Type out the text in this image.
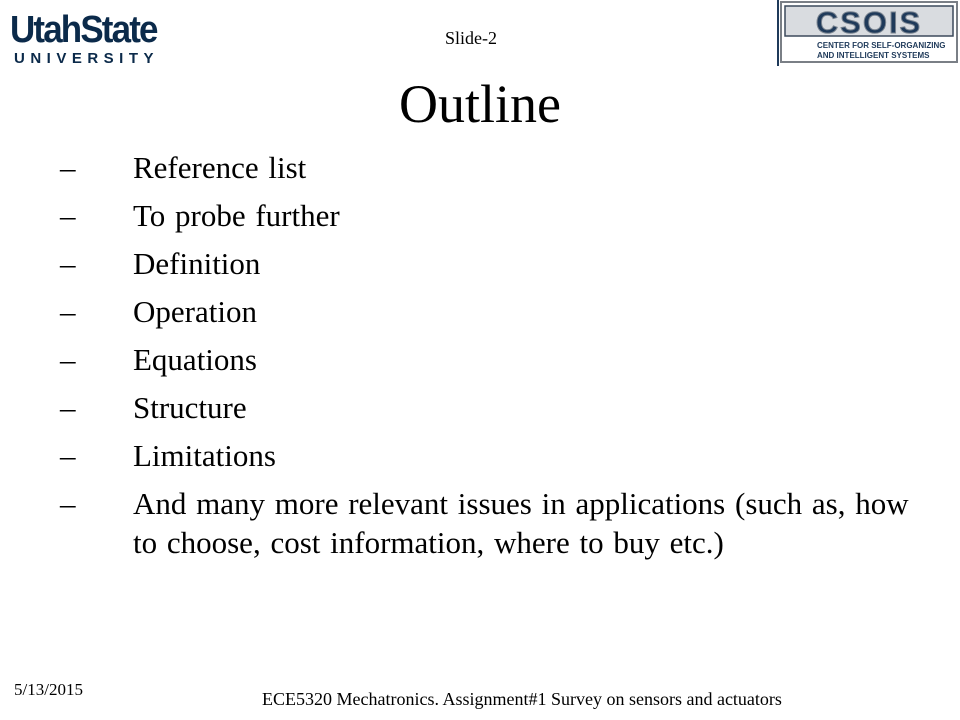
UtahState
UNIVERSITY
CSOIS
CENTER FOR SELF-ORGANIZING
AND INTELLIGENT SYSTEMS
Slide-2
Outline
–	Reference list
–	To probe further
–	Definition
–	Operation
–	Equations
–	Structure
–	Limitations
–	And many more relevant issues in applications (such as, how to choose, cost information, where to buy etc.)
5/13/2015	ECE5320 Mechatronics. Assignment#1 Survey on sensors and actuators
